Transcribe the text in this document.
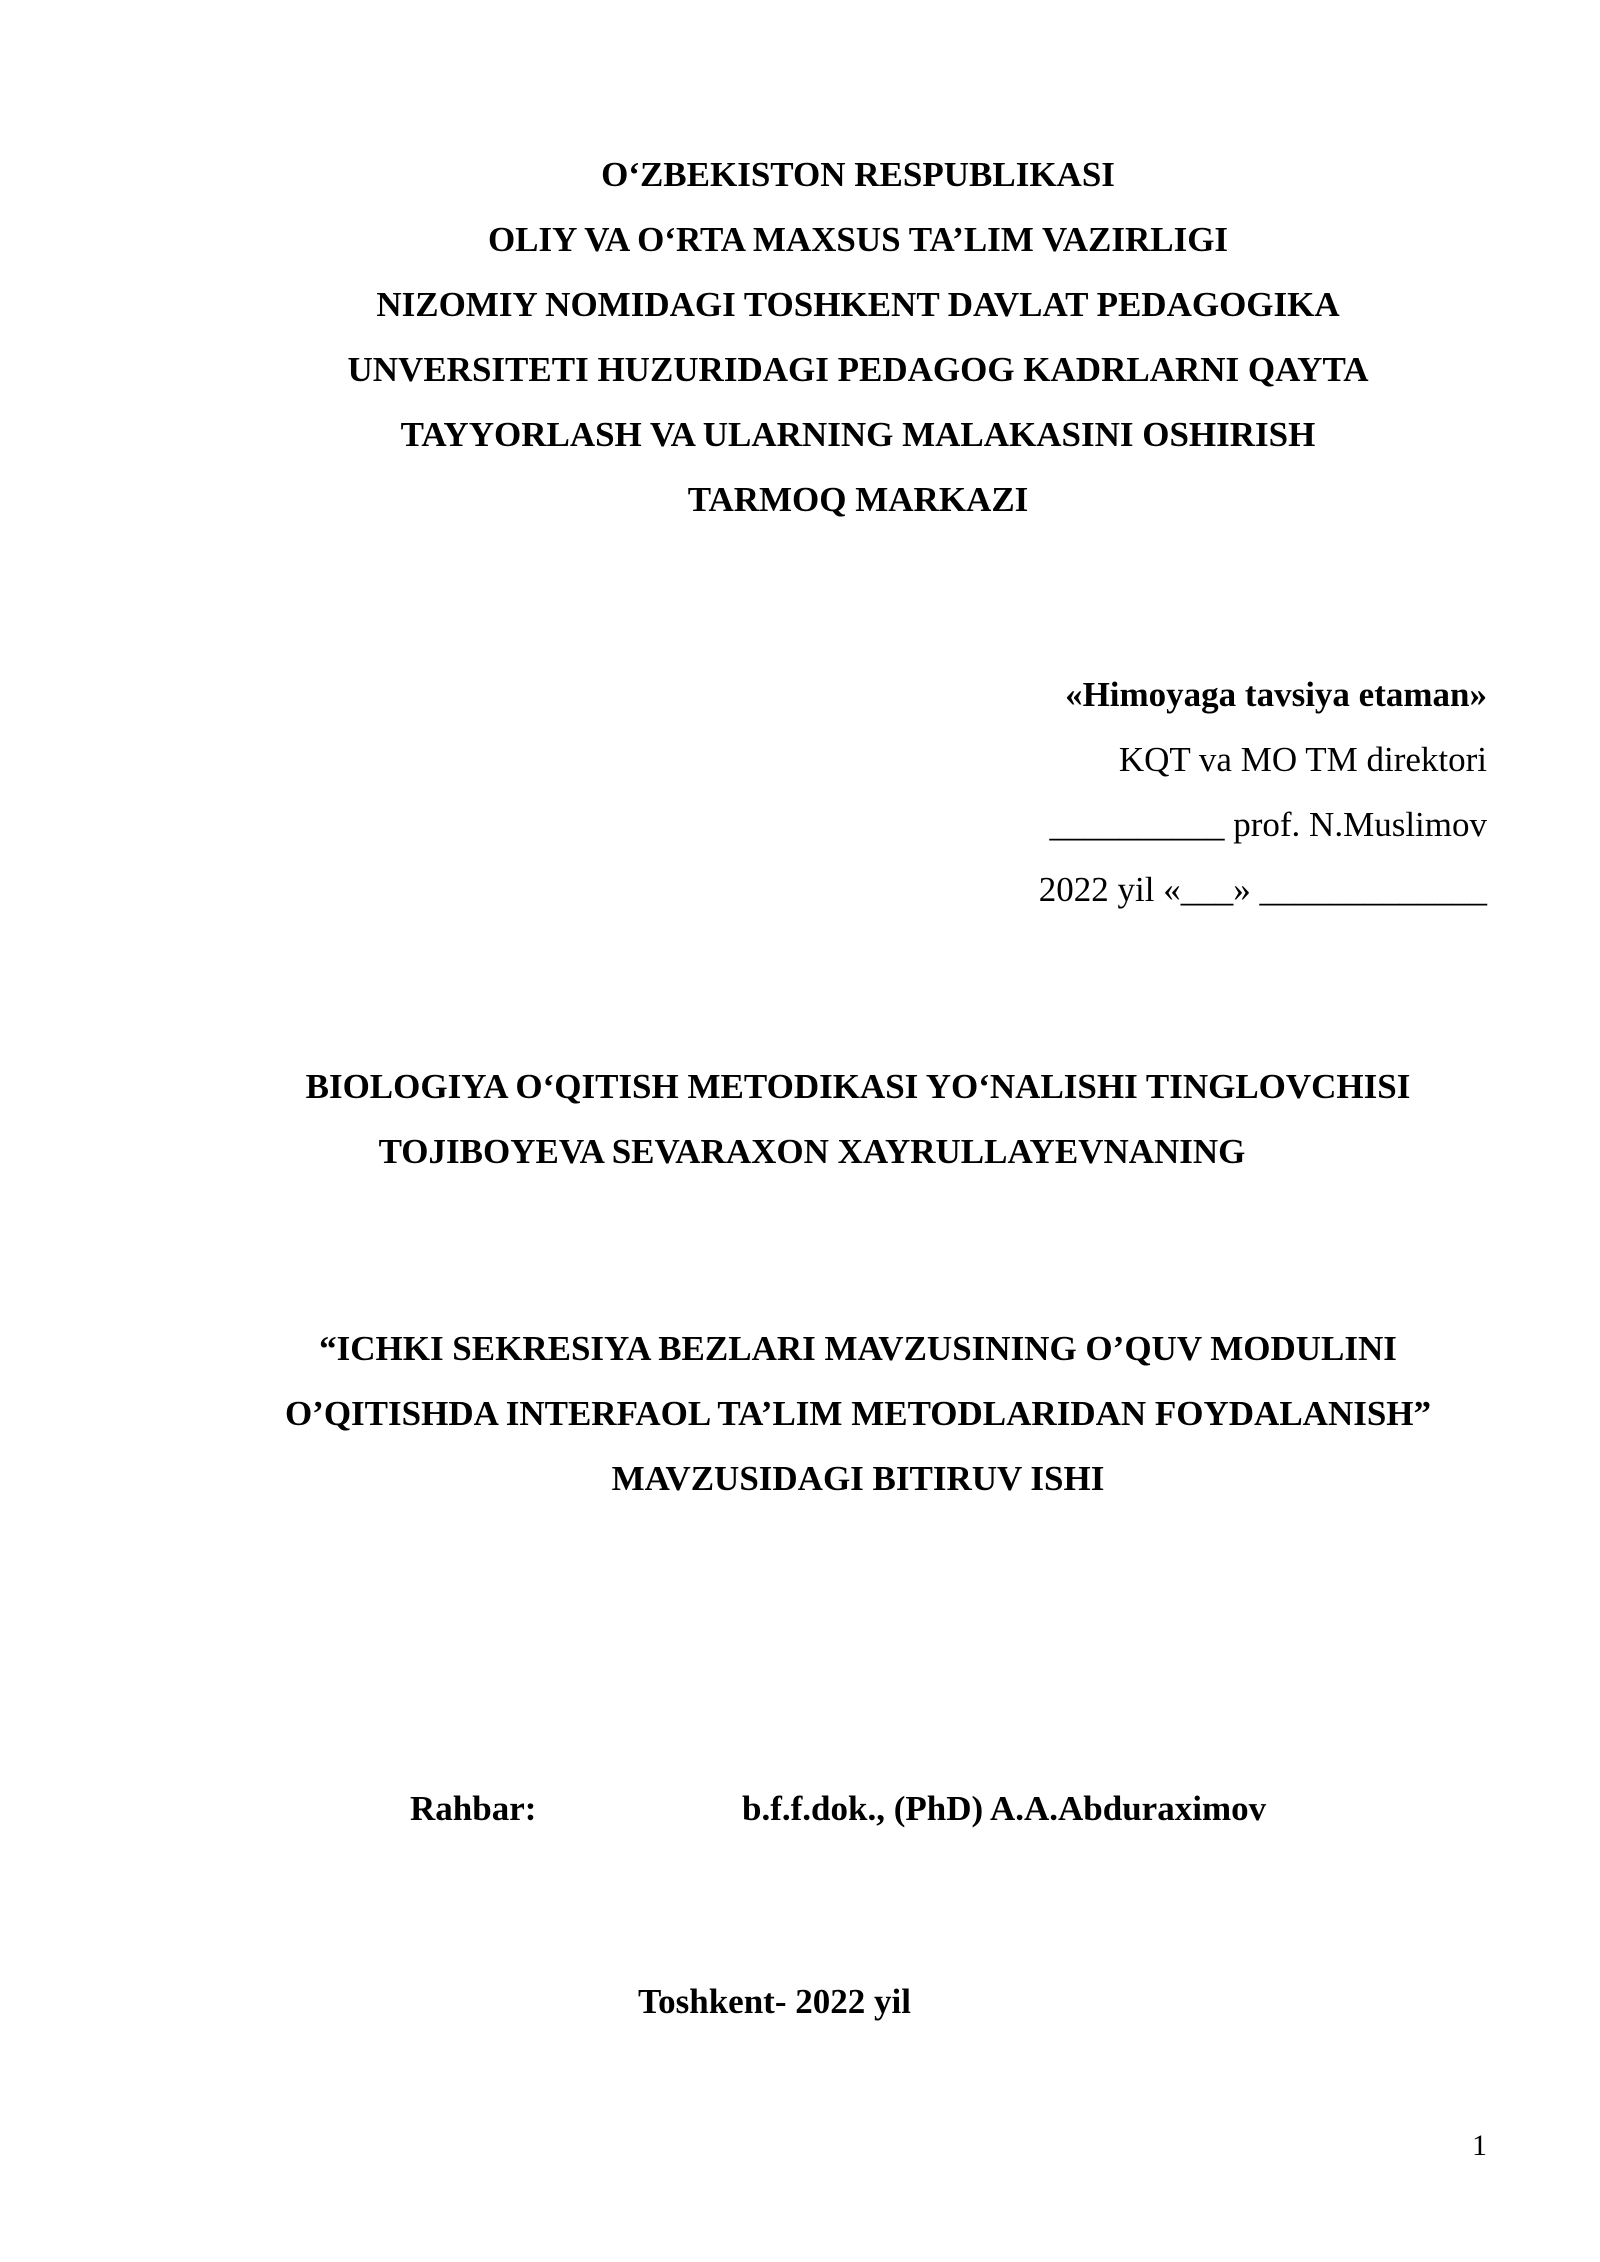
O‘ZBEKISTON RESPUBLIKASI
OLIY VA O‘RTA MAXSUS TA’LIM VAZIRLIGI
NIZOMIY NOMIDAGI TOSHKENT DAVLAT PEDAGOGIKA
UNVERSITETI HUZURIDAGI PEDAGOG KADRLARNI QAYTA
TAYYORLASH VA ULARNING MALAKASINI OSHIRISH
TARMOQ MARKAZI
«Himoyaga tavsiya etaman»
KQT va MO TM direktori
__________ prof. N.Muslimov
2022 yil «___» _____________
BIOLOGIYA O‘QITISH METODIKASI YO‘NALISHI TINGLOVCHISI
TOJIBOYEVA SEVARAXON XAYRULLAYEVNANING
“ICHKI SEKRESIYA BEZLARI MAVZUSINING O’QUV MODULINI
O’QITISHDA INTERFAOL TA’LIM METODLARIDAN FOYDALANISH”
MAVZUSIDAGI BITIRUV ISHI
Rahbar:	b.f.f.dok., (PhD) A.A.Abduraximov
Toshkent- 2022 yil
1
